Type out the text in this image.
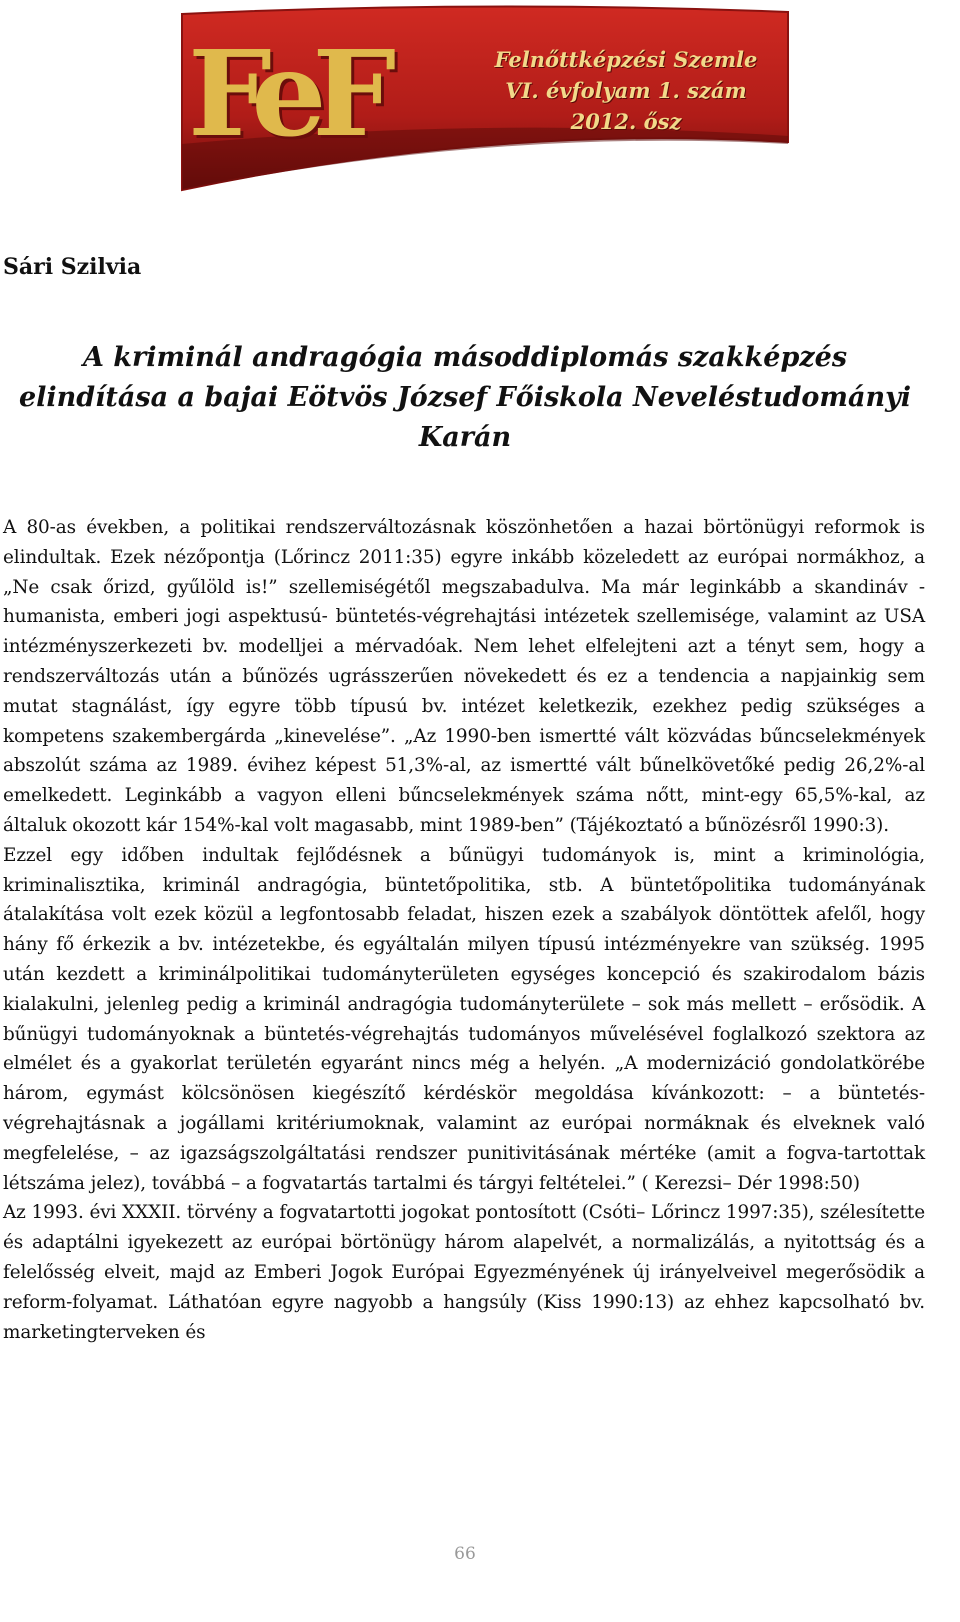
FeF	Felnőttképzési Szemle
VI. évfolyam 1. szám
2012. ősz
Sári Szilvia
A kriminál andragógia másoddiplomás szakképzés
elindítása a bajai Eötvös József Főiskola Neveléstudományi
Karán

A 80-as években, a politikai rendszerváltozásnak köszönhetően a hazai börtönügyi reformok is elindultak. Ezek nézőpontja (Lőrincz 2011:35) egyre inkább közeledett az európai normákhoz, a „Ne csak őrizd, gyűlöld is!” szellemiségétől megszabadulva. Ma már leginkább a skandináv -humanista, emberi jogi aspektusú- büntetés-végrehajtási intézetek szellemisége, valamint az USA intézményszerkezeti bv. modelljei a mérvadóak. Nem lehet elfelejteni azt a tényt sem, hogy a rendszerváltozás után a bűnözés ugrásszerűen növekedett és ez a tendencia a napjainkig sem mutat stagnálást, így egyre több típusú bv. intézet keletkezik, ezekhez pedig szükséges a kompetens szakembergárda „kinevelése”. „Az 1990-ben ismertté vált közvádas bűncselekmények abszolút száma az 1989. évihez képest 51,3%-al, az ismertté vált bűnelkövetőké pedig 26,2%-al emelkedett. Leginkább a vagyon elleni bűncselekmények száma nőtt, mint-egy 65,5%-kal, az általuk okozott kár 154%-kal volt magasabb, mint 1989-ben” (Tájékoztató a bűnözésről 1990:3).

Ezzel egy időben indultak fejlődésnek a bűnügyi tudományok is, mint a kriminológia, kriminalisztika, kriminál andragógia, büntetőpolitika, stb. A büntetőpolitika tudományának átalakítása volt ezek közül a legfontosabb feladat, hiszen ezek a szabályok döntöttek afelől, hogy hány fő érkezik a bv. intézetekbe, és egyáltalán milyen típusú intézményekre van szükség. 1995 után kezdett a kriminálpolitikai tudományterületen egységes koncepció és szakirodalom bázis kialakulni, jelenleg pedig a kriminál andragógia tudományterülete – sok más mellett – erősödik. A bűnügyi tudományoknak a büntetés-végrehajtás tudományos művelésével foglalkozó szektora az elmélet és a gyakorlat területén egyaránt nincs még a helyén. „A modernizáció gondolatkörébe három, egymást kölcsönösen kiegészítő kérdéskör megoldása kívánkozott: – a büntetés-végrehajtásnak a jogállami kritériumoknak, valamint az európai normáknak és elveknek való megfelelése, – az igazságszolgáltatási rendszer punitivitásának mértéke (amit a fogva-tartottak létszáma jelez), továbbá – a fogvatartás tartalmi és tárgyi feltételei.” ( Kerezsi– Dér 1998:50)

Az 1993. évi XXXII. törvény a fogvatartotti jogokat pontosított (Csóti– Lőrincz 1997:35), szélesítette és adaptálni igyekezett az európai börtönügy három alapelvét, a normalizálás, a nyitottság és a felelősség elveit, majd az Emberi Jogok Európai Egyezményének új irányelveivel megerősödik a reform-folyamat. Láthatóan egyre nagyobb a hangsúly (Kiss 1990:13) az ehhez kapcsolható bv. marketingterveken és

66
